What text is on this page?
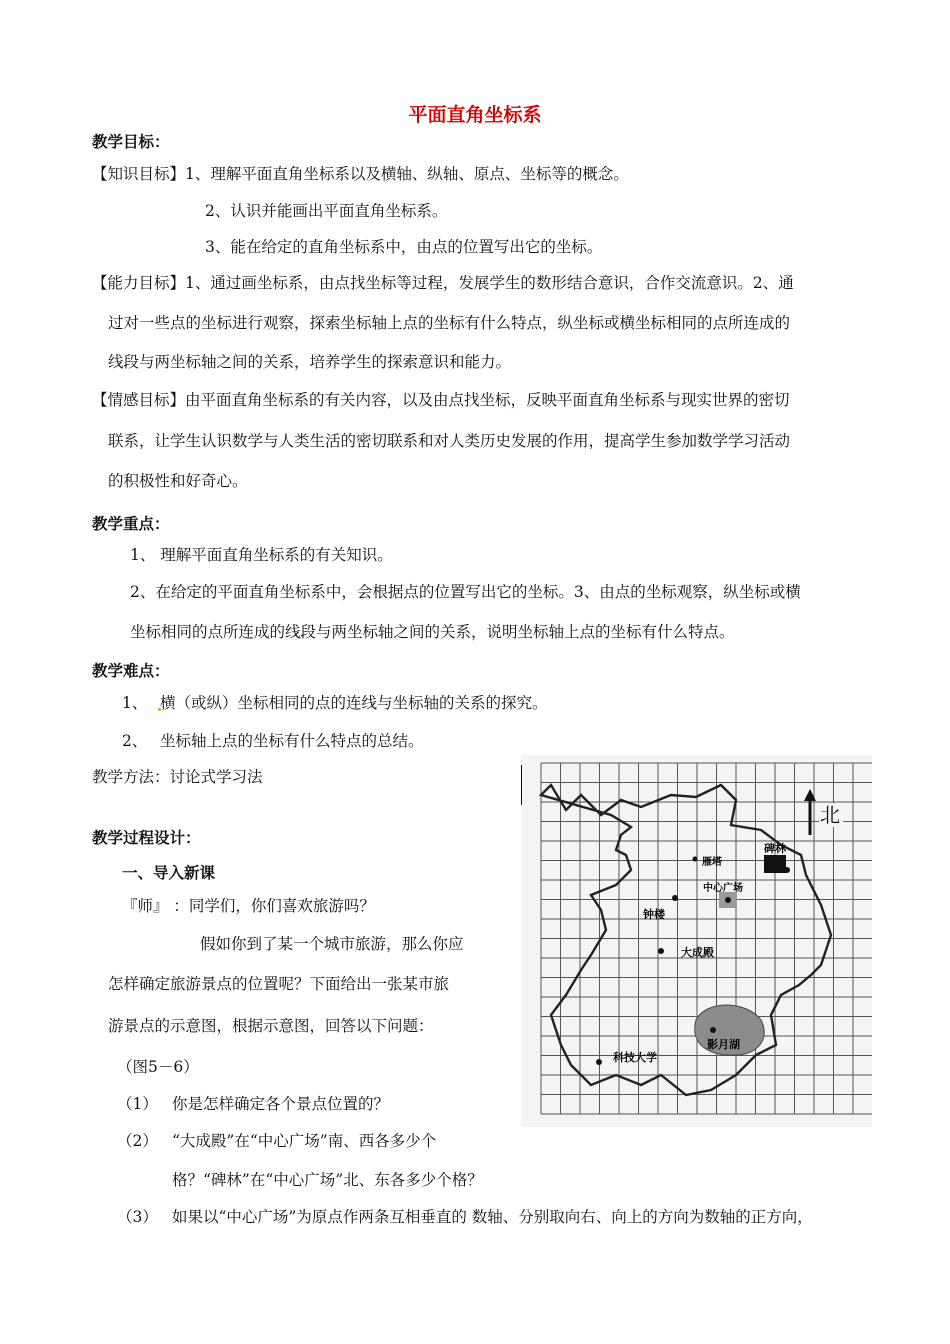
平面直角坐标系
教学目标：
【知识目标】1、理解平面直角坐标系以及横轴、纵轴、原点、坐标等的概念。
2、认识并能画出平面直角坐标系。
3、能在给定的直角坐标系中，由点的位置写出它的坐标。
【能力目标】1、通过画坐标系，由点找坐标等过程，发展学生的数形结合意识，合作交流意识。2、通
过对一些点的坐标进行观察，探索坐标轴上点的坐标有什么特点，纵坐标或横坐标相同的点所连成的
线段与两坐标轴之间的关系，培养学生的探索意识和能力。
【情感目标】由平面直角坐标系的有关内容，以及由点找坐标，反映平面直角坐标系与现实世界的密切
联系，让学生认识数学与人类生活的密切联系和对人类历史发展的作用，提高学生参加数学学习活动
的积极性和好奇心。
教学重点：
1、 理解平面直角坐标系的有关知识。
2、在给定的平面直角坐标系中，会根据点的位置写出它的坐标。3、由点的坐标观察，纵坐标或横
坐标相同的点所连成的线段与两坐标轴之间的关系，说明坐标轴上点的坐标有什么特点。
教学难点：
1、 横（或纵）坐标相同的点的连线与坐标轴的关系的探究。
2、 坐标轴上点的坐标有什么特点的总结。
教学方法：讨论式学习法
教学过程设计：
一、导入新课
『师』 ：同学们，你们喜欢旅游吗？
假如你到了某一个城市旅游，那么你应
怎样确定旅游景点的位置呢？下面给出一张某市旅
游景点的示意图，根据示意图，回答以下问题：
（图5－6）
（1） 你是怎样确定各个景点位置的？
（2） “大成殿”在“中心广场”南、西各多少个
格？“碑林”在“中心广场”北、东各多少个格？
（3） 如果以“中心广场”为原点作两条互相垂直的 数轴、分别取向右、向上的方向为数轴的正方向，
北
雁塔
碑林
钟楼
中心广场
大成殿
影月湖
科技大学
